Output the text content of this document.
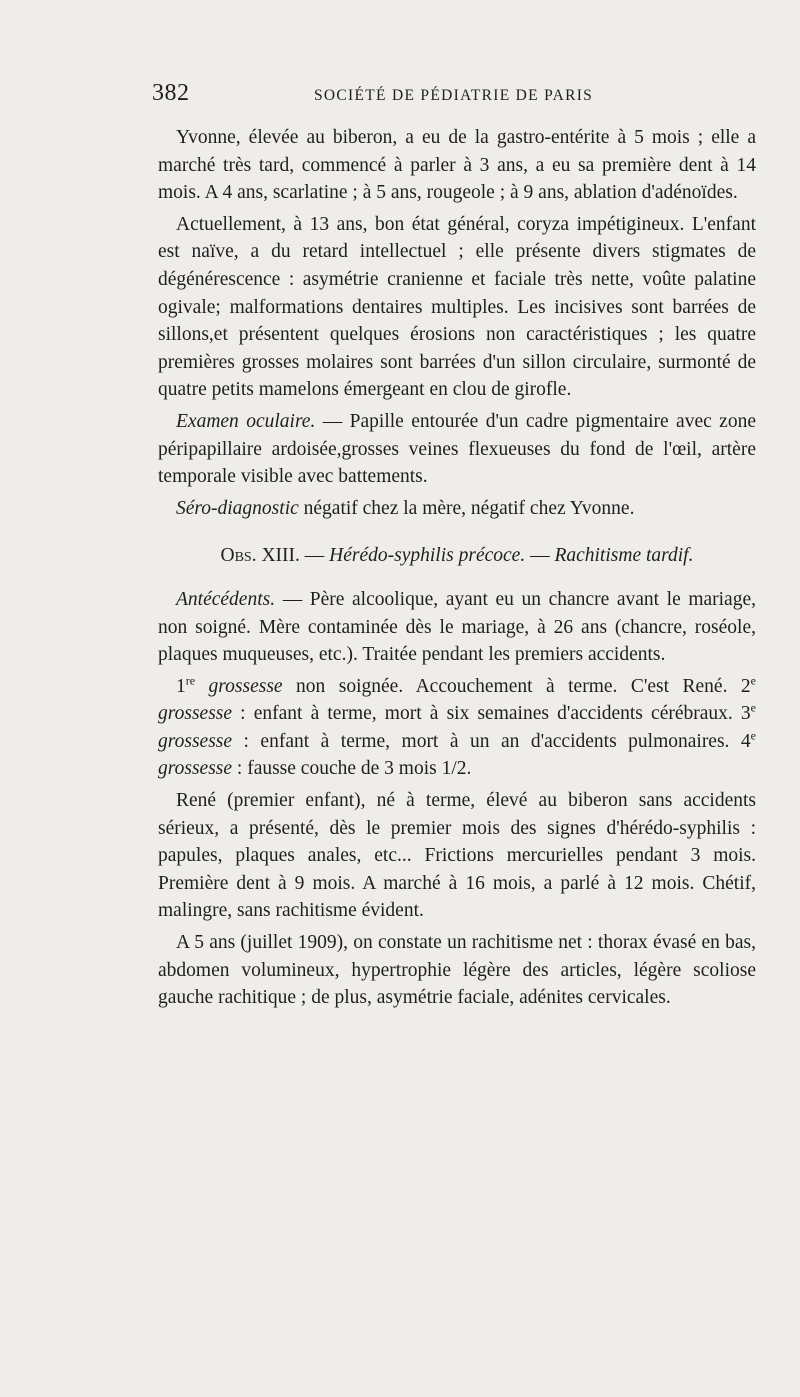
382	SOCIÉTÉ DE PÉDIATRIE DE PARIS

Yvonne, élevée au biberon, a eu de la gastro-entérite à 5 mois ; elle a marché très tard, commencé à parler à 3 ans, a eu sa première dent à 14 mois. A 4 ans, scarlatine ; à 5 ans, rougeole ; à 9 ans, ablation d'adénoïdes.

Actuellement, à 13 ans, bon état général, coryza impétigineux. L'enfant est naïve, a du retard intellectuel ; elle présente divers stigmates de dégénérescence : asymétrie cranienne et faciale très nette, voûte palatine ogivale; malformations dentaires multiples. Les incisives sont barrées de sillons,et présentent quelques érosions non caractéristiques ; les quatre premières grosses molaires sont barrées d'un sillon circulaire, surmonté de quatre petits mamelons émergeant en clou de girofle.

Examen oculaire. — Papille entourée d'un cadre pigmentaire avec zone péripapillaire ardoisée,grosses veines flexueuses du fond de l'œil, artère temporale visible avec battements.

Séro-diagnostic négatif chez la mère, négatif chez Yvonne.

Obs. XIII. — Hérédo-syphilis précoce. — Rachitisme tardif.

Antécédents. — Père alcoolique, ayant eu un chancre avant le mariage, non soigné. Mère contaminée dès le mariage, à 26 ans (chancre, roséole, plaques muqueuses, etc.). Traitée pendant les premiers accidents.

1re grossesse non soignée. Accouchement à terme. C'est René. 2e grossesse : enfant à terme, mort à six semaines d'accidents cérébraux. 3e grossesse : enfant à terme, mort à un an d'accidents pulmonaires. 4e grossesse : fausse couche de 3 mois 1/2.

René (premier enfant), né à terme, élevé au biberon sans accidents sérieux, a présenté, dès le premier mois des signes d'hérédo-syphilis : papules, plaques anales, etc... Frictions mercurielles pendant 3 mois. Première dent à 9 mois. A marché à 16 mois, a parlé à 12 mois. Chétif, malingre, sans rachitisme évident.

A 5 ans (juillet 1909), on constate un rachitisme net : thorax évasé en bas, abdomen volumineux, hypertrophie légère des articles, légère scoliose gauche rachitique ; de plus, asymétrie faciale, adénites cervicales.
